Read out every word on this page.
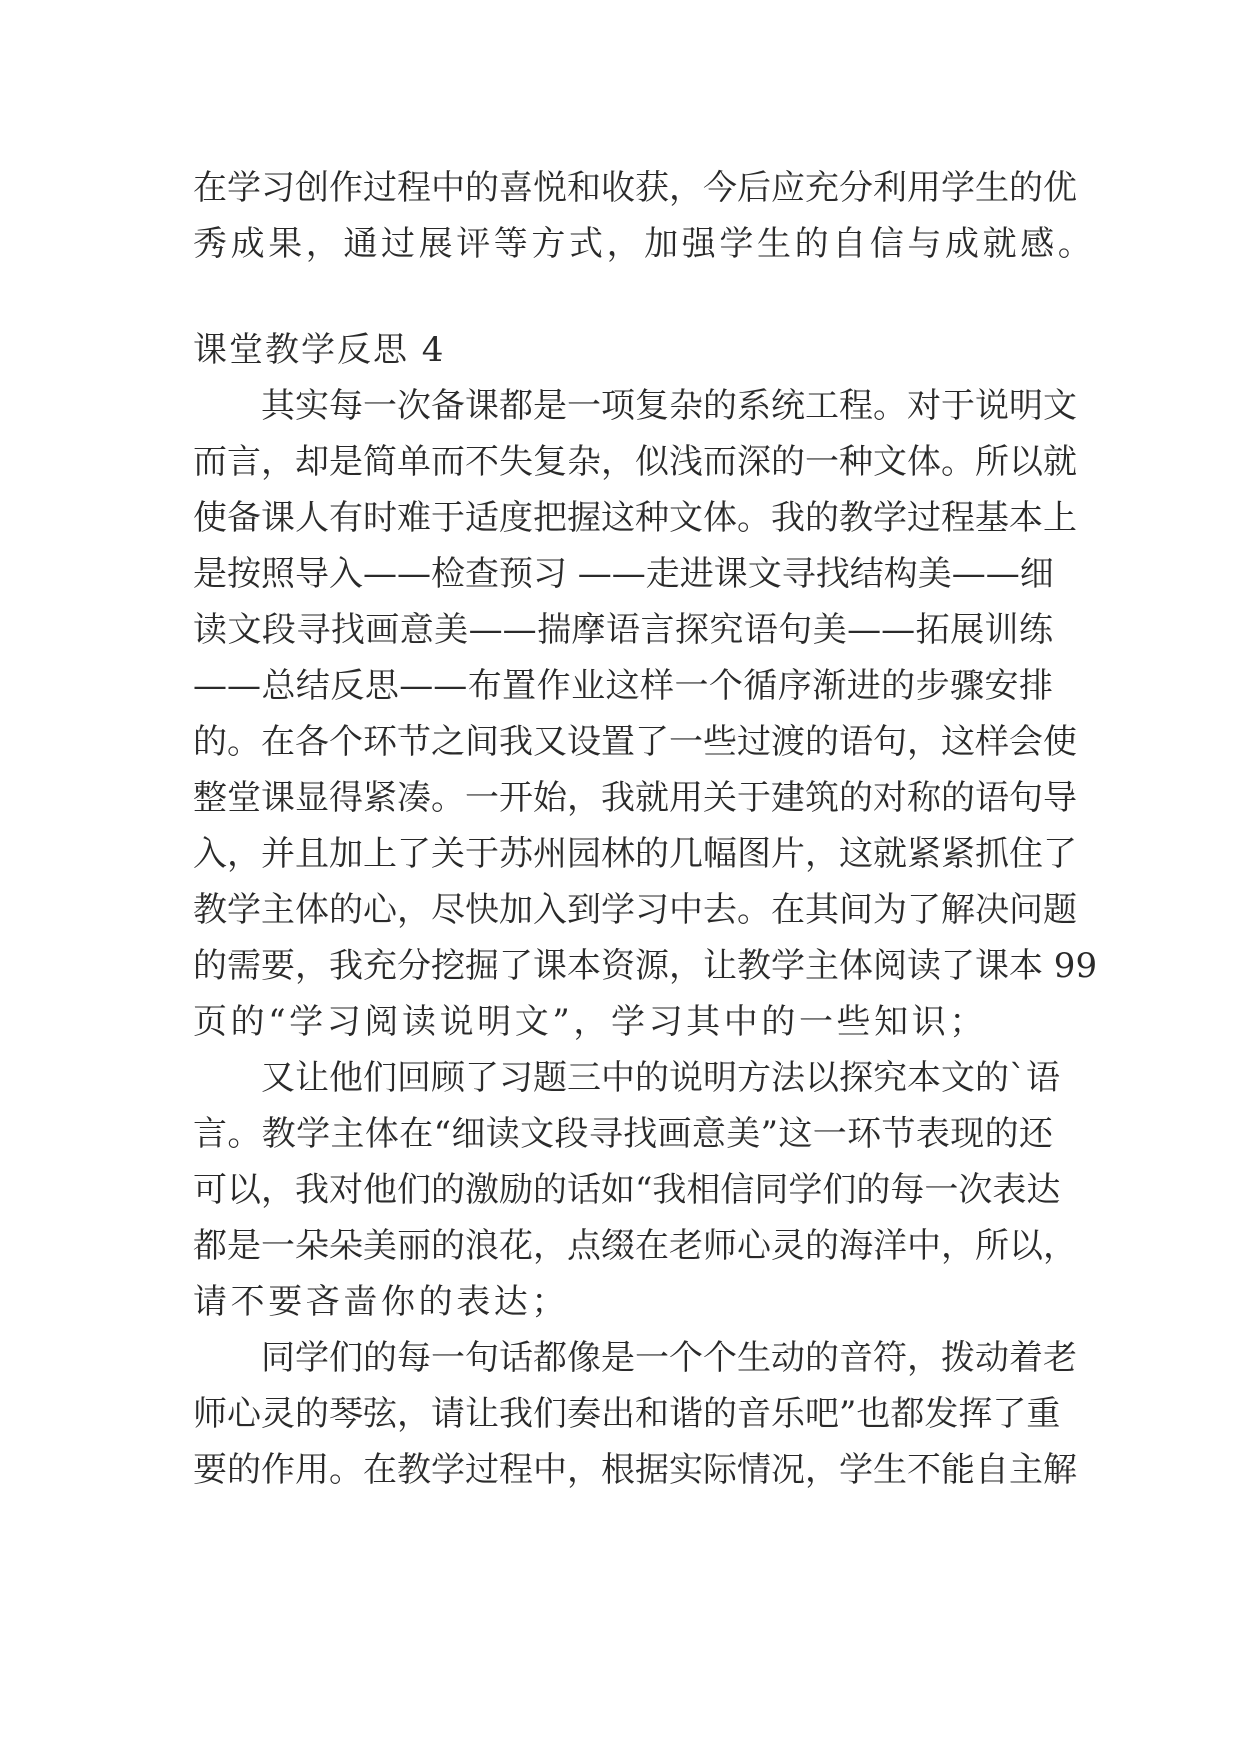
在学习创作过程中的喜悦和收获，今后应充分利用学生的优
秀成果，通过展评等方式，加强学生的自信与成就感。
课堂教学反思 4
其实每一次备课都是一项复杂的系统工程。对于说明文
而言，却是简单而不失复杂，似浅而深的一种文体。所以就
使备课人有时难于适度把握这种文体。我的教学过程基本上
是按照导入——检查预习 ——走进课文寻找结构美——细
读文段寻找画意美——揣摩语言探究语句美——拓展训练
——总结反思——布置作业这样一个循序渐进的步骤安排
的。在各个环节之间我又设置了一些过渡的语句，这样会使
整堂课显得紧凑。一开始，我就用关于建筑的对称的语句导
入，并且加上了关于苏州园林的几幅图片，这就紧紧抓住了
教学主体的心，尽快加入到学习中去。在其间为了解决问题
的需要，我充分挖掘了课本资源，让教学主体阅读了课本 99
页的“学习阅读说明文”，学习其中的一些知识；
又让他们回顾了习题三中的说明方法以探究本文的`语
言。教学主体在“细读文段寻找画意美”这一环节表现的还
可以，我对他们的激励的话如“我相信同学们的每一次表达
都是一朵朵美丽的浪花，点缀在老师心灵的海洋中，所以，
请不要吝啬你的表达；
同学们的每一句话都像是一个个生动的音符，拨动着老
师心灵的琴弦，请让我们奏出和谐的音乐吧”也都发挥了重
要的作用。在教学过程中，根据实际情况，学生不能自主解
